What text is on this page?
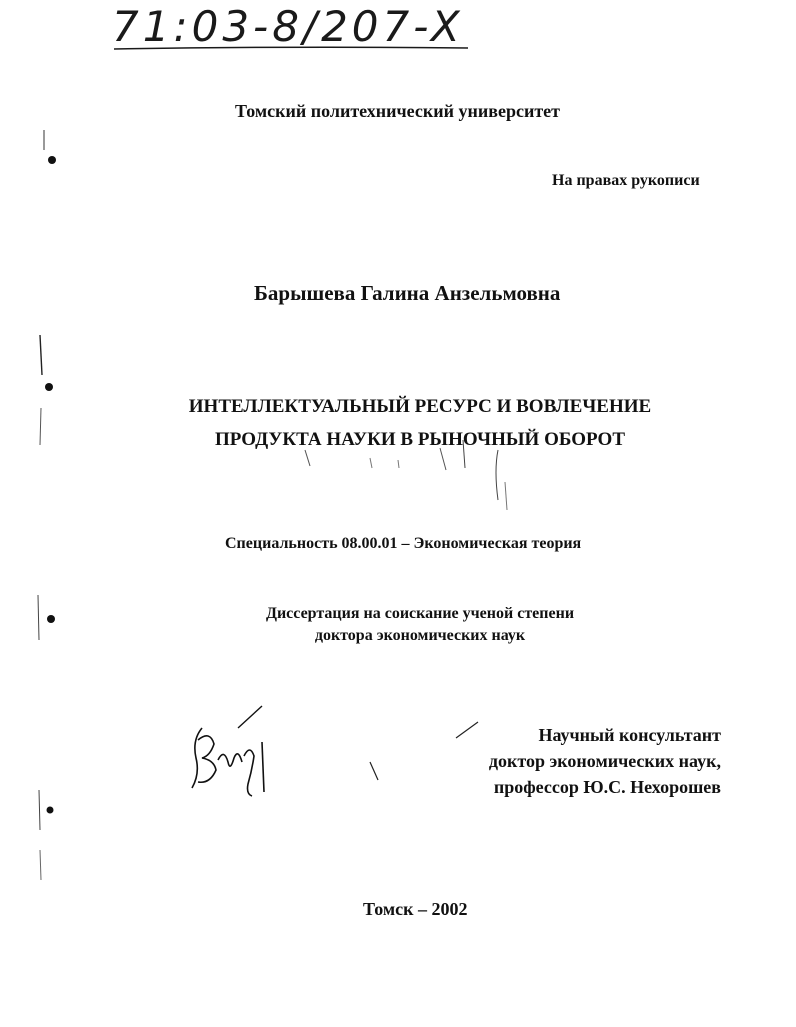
71:03-8/207-X
Томский политехнический университет
На правах рукописи
Барышева Галина Анзельмовна
ИНТЕЛЛЕКТУАЛЬНЫЙ РЕСУРС И ВОВЛЕЧЕНИЕ
ПРОДУКТА НАУКИ В РЫНОЧНЫЙ ОБОРОТ
Специальность 08.00.01 – Экономическая теория
Диссертация на соискание ученой степени
доктора экономических наук
Научный консультант
доктор экономических наук,
профессор Ю.С. Нехорошев
Томск – 2002
